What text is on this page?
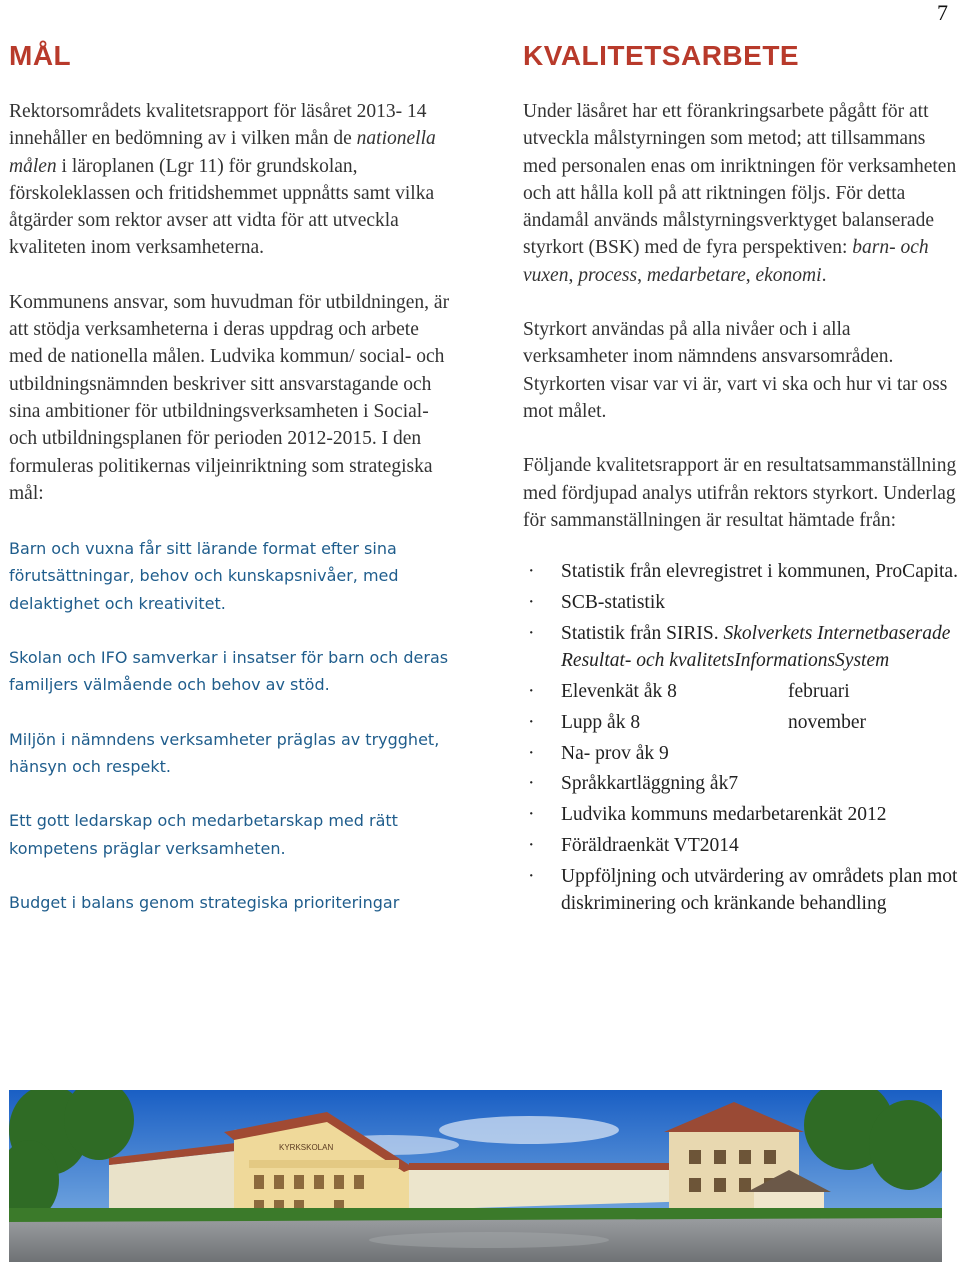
7
MÅL

Rektorsområdets kvalitetsrapport för läsåret 2013- 14 innehåller en bedömning av i vilken mån de nationella målen i läroplanen (Lgr 11) för grundskolan, förskoleklassen och fritidshemmet uppnåtts samt vilka åtgärder som rektor avser att vidta för att utveckla kvaliteten inom verksamheterna.

Kommunens ansvar, som huvudman för utbildningen, är att stödja verksamheterna i deras uppdrag och arbete med de nationella målen. Ludvika kommun/ social- och utbildningsnämnden beskriver sitt ansvarstagande och sina ambitioner för utbildningsverksamheten i Social- och utbildningsplanen för perioden 2012-2015. I den formuleras politikernas viljeinriktning som strategiska mål:

Barn och vuxna får sitt lärande format efter sina förutsättningar, behov och kunskapsnivåer, med delaktighet och kreativitet.

Skolan och IFO samverkar i insatser för barn och deras familjers välmående och behov av stöd.

Miljön i nämndens verksamheter präglas av trygghet, hänsyn och respekt.

Ett gott ledarskap och medarbetarskap med rätt kompetens präglar verksamheten.

Budget i balans genom strategiska prioriteringar

KVALITETSARBETE

Under läsåret har ett förankringsarbete pågått för att utveckla målstyrningen som metod; att tillsammans med personalen enas om inriktningen för verksamheten och att hålla koll på att riktningen följs. För detta ändamål används målstyrningsverktyget balanserade styrkort (BSK) med de fyra perspektiven: barn- och vuxen, process, medarbetare, ekonomi.

Styrkort användas på alla nivåer och i alla verksamheter inom nämndens ansvarsområden. Styrkorten visar var vi är, vart vi ska och hur vi tar oss mot målet.

Följande kvalitetsrapport är en resultatsammanställning med fördjupad analys utifrån rektors styrkort. Underlag för sammanställningen är resultat hämtade från:

· Statistik från elevregistret i kommunen, ProCapita.
· SCB-statistik
· Statistik från SIRIS. Skolverkets Internetbaserade Resultat- och kvalitetsInformationsSystem
· Elevenkät åk 8	februari
· Lupp åk 8	november
· Na- prov åk 9
· Språkkartläggning åk7
· Ludvika kommuns medarbetarenkät 2012
· Föräldraenkät VT2014
· Uppföljning och utvärdering av områdets plan mot diskriminering och kränkande behandling
KYRKSKOLAN
